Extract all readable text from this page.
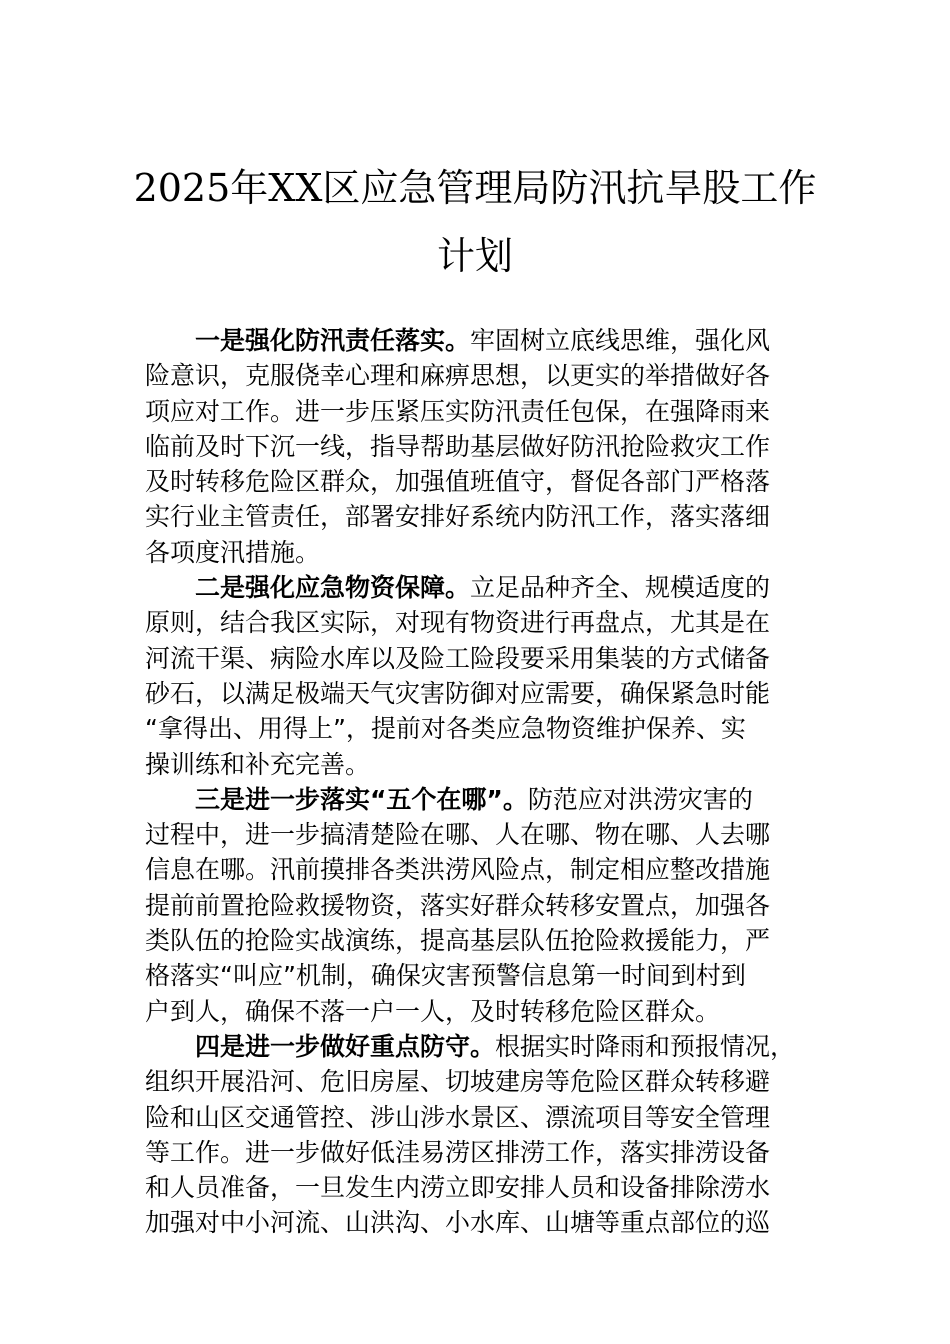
2025年XX区应急管理局防汛抗旱股工作
计划
一是强化防汛责任落实。牢固树立底线思维，强化风
险意识，克服侥幸心理和麻痹思想，以更实的举措做好各
项应对工作。进一步压紧压实防汛责任包保，在强降雨来
临前及时下沉一线，指导帮助基层做好防汛抢险救灾工作
及时转移危险区群众，加强值班值守，督促各部门严格落
实行业主管责任，部署安排好系统内防汛工作，落实落细
各项度汛措施。
二是强化应急物资保障。立足品种齐全、规模适度的
原则，结合我区实际，对现有物资进行再盘点，尤其是在
河流干渠、病险水库以及险工险段要采用集装的方式储备
砂石，以满足极端天气灾害防御对应需要，确保紧急时能
“拿得出、用得上”，提前对各类应急物资维护保养、实
操训练和补充完善。
三是进一步落实“五个在哪”。防范应对洪涝灾害的
过程中，进一步搞清楚险在哪、人在哪、物在哪、人去哪
信息在哪。汛前摸排各类洪涝风险点，制定相应整改措施
提前前置抢险救援物资，落实好群众转移安置点，加强各
类队伍的抢险实战演练，提高基层队伍抢险救援能力，严
格落实“叫应”机制，确保灾害预警信息第一时间到村到
户到人，确保不落一户一人，及时转移危险区群众。
四是进一步做好重点防守。根据实时降雨和预报情况，
组织开展沿河、危旧房屋、切坡建房等危险区群众转移避
险和山区交通管控、涉山涉水景区、漂流项目等安全管理
等工作。进一步做好低洼易涝区排涝工作，落实排涝设备
和人员准备，一旦发生内涝立即安排人员和设备排除涝水
加强对中小河流、山洪沟、小水库、山塘等重点部位的巡
